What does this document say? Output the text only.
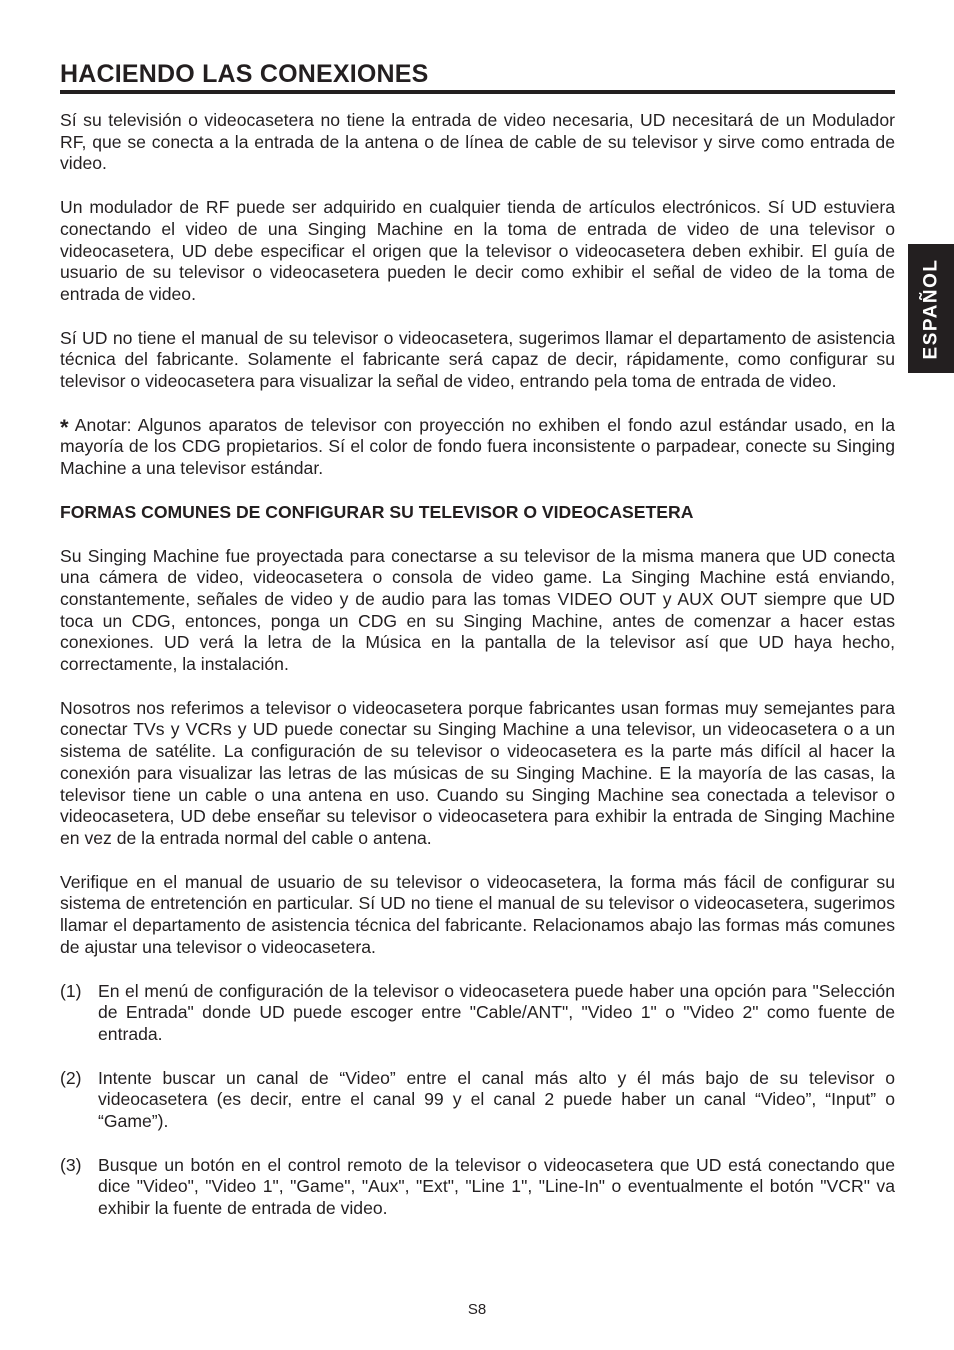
HACIENDO LAS CONEXIONES
ESPAÑOL

Sí su televisión o videocasetera no tiene la entrada de video necesaria, UD necesitará de un Modulador RF, que se conecta a la entrada de la antena o de línea de cable de su televisor y sirve como entrada de video.

Un modulador de RF puede ser adquirido en cualquier tienda de artículos electrónicos. Sí UD estuviera conectando el video de una Singing Machine en la toma de entrada de video de una televisor o videocasetera, UD debe especificar el origen que la televisor o videocasetera deben exhibir. El guía de usuario de su televisor o videocasetera pueden le decir como exhibir el señal de video de la toma de entrada de video.

Sí UD no tiene el manual de su televisor o videocasetera, sugerimos llamar el departamento de asistencia técnica del fabricante. Solamente el fabricante será capaz de decir, rápidamente, como configurar su televisor o videocasetera para visualizar la señal de video, entrando pela toma de entrada de video.

* Anotar: Algunos aparatos de televisor con proyección no exhiben el fondo azul estándar usado, en la mayoría de los CDG propietarios. Sí el color de fondo fuera inconsistente o parpadear, conecte su Singing Machine a una televisor estándar.

FORMAS COMUNES DE CONFIGURAR SU TELEVISOR O VIDEOCASETERA

Su Singing Machine fue proyectada para conectarse a su televisor de la misma manera que UD conecta una cámera de video, videocasetera o consola de video game. La Singing Machine está enviando, constantemente, señales de video y de audio para las tomas VIDEO OUT y AUX OUT siempre que UD toca un CDG, entonces, ponga un CDG en su Singing Machine, antes de comenzar a hacer estas conexiones. UD verá la letra de la Música en la pantalla de la televisor así que UD haya hecho, correctamente, la instalación.

Nosotros nos referimos a televisor o videocasetera porque fabricantes usan formas muy semejantes para conectar TVs y VCRs y UD puede conectar su Singing Machine a una televisor, un videocasetera o a un sistema de satélite. La configuración de su televisor o videocasetera es la parte más difícil al hacer la conexión para visualizar las letras de las músicas de su Singing Machine. E la mayoría de las casas, la televisor tiene un cable o una antena en uso. Cuando su Singing Machine sea conectada a televisor o videocasetera, UD debe enseñar su televisor o videocasetera para exhibir la entrada de Singing Machine en vez de la entrada normal del cable o antena.

Verifique en el manual de usuario de su televisor o videocasetera, la forma más fácil de configurar su sistema de entretención en particular. Sí UD no tiene el manual de su televisor o videocasetera, sugerimos llamar el departamento de asistencia técnica del fabricante. Relacionamos abajo las formas más comunes de ajustar una televisor o videocasetera.

(1) En el menú de configuración de la televisor o videocasetera puede haber una opción para "Selección de Entrada" donde UD puede escoger entre "Cable/ANT", "Video 1" o "Video 2" como fuente de entrada.
(2) Intente buscar un canal de “Video” entre el canal más alto y él más bajo de su televisor o videocasetera (es decir, entre el canal 99 y el canal 2 puede haber un canal “Video”, “Input” o “Game”).
(3) Busque un botón en el control remoto de la televisor o videocasetera que UD está conectando que dice "Video", "Video 1", "Game", "Aux", "Ext", "Line 1", "Line-In" o eventualmente el botón "VCR" va exhibir la fuente de entrada de video.
S8
